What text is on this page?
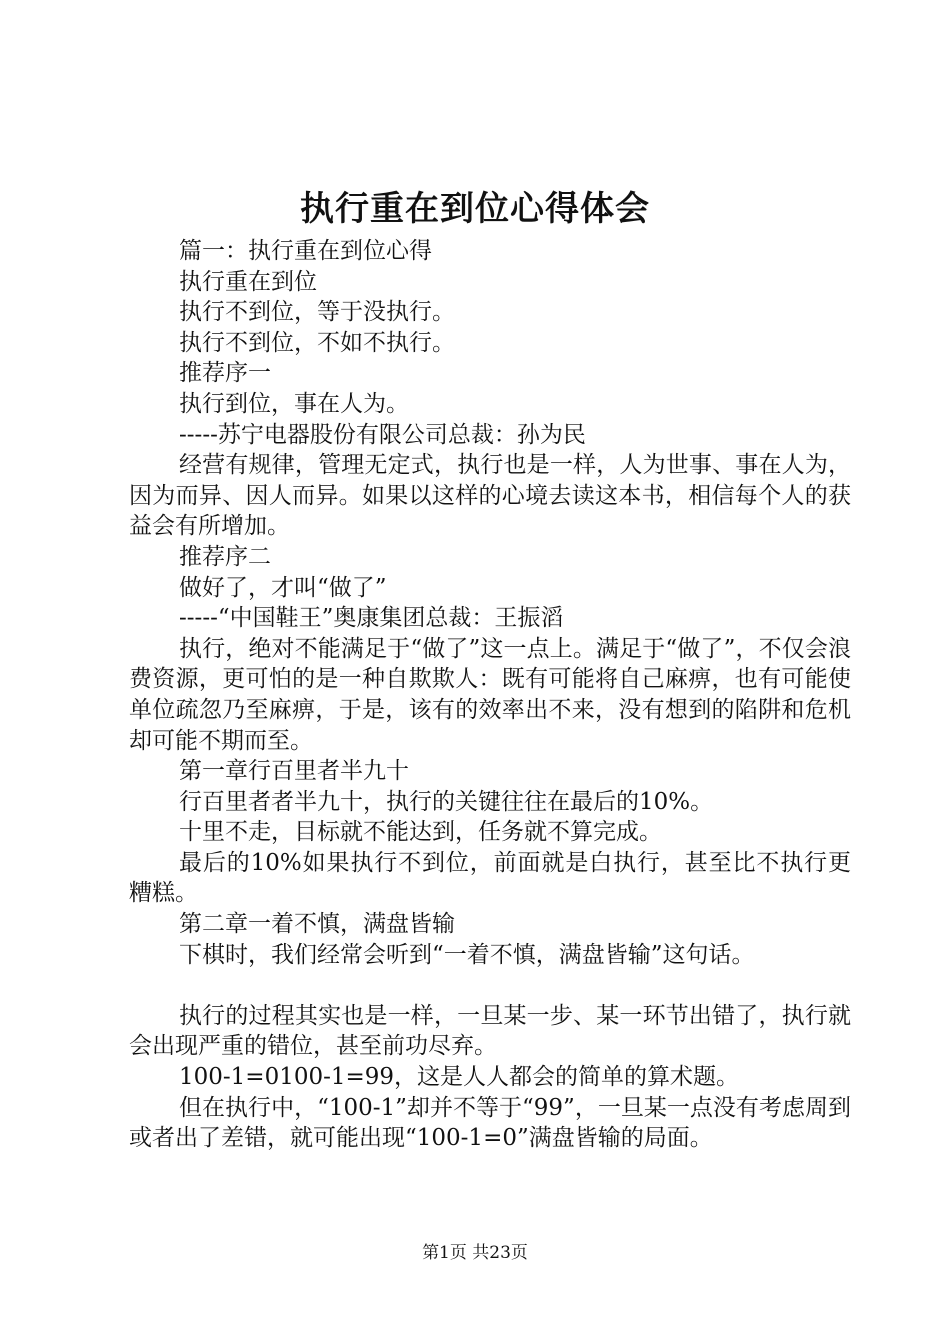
执行重在到位心得体会

篇一：执行重在到位心得

执行重在到位

执行不到位，等于没执行。

执行不到位，不如不执行。

推荐序一

执行到位，事在人为。

-----苏宁电器股份有限公司总裁：孙为民

经营有规律，管理无定式，执行也是一样，人为世事、事在人为，因为而异、因人而异。如果以这样的心境去读这本书，相信每个人的获益会有所增加。

推荐序二

做好了，才叫“做了”

-----“中国鞋王”奥康集团总裁：王振滔

执行，绝对不能满足于“做了”这一点上。满足于“做了”，不仅会浪费资源，更可怕的是一种自欺欺人：既有可能将自己麻痹，也有可能使单位疏忽乃至麻痹，于是，该有的效率出不来，没有想到的陷阱和危机却可能不期而至。

第一章行百里者半九十

行百里者者半九十，执行的关键往往在最后的10%。

十里不走，目标就不能达到，任务就不算完成。

最后的10%如果执行不到位，前面就是白执行，甚至比不执行更糟糕。

第二章一着不慎，满盘皆输

下棋时，我们经常会听到“一着不慎，满盘皆输”这句话。

执行的过程其实也是一样，一旦某一步、某一环节出错了，执行就会出现严重的错位，甚至前功尽弃。

100-1=0100-1=99，这是人人都会的简单的算术题。

但在执行中，“100-1”却并不等于“99”，一旦某一点没有考虑周到或者出了差错，就可能出现“100-1=0”满盘皆输的局面。

第1页 共23页
